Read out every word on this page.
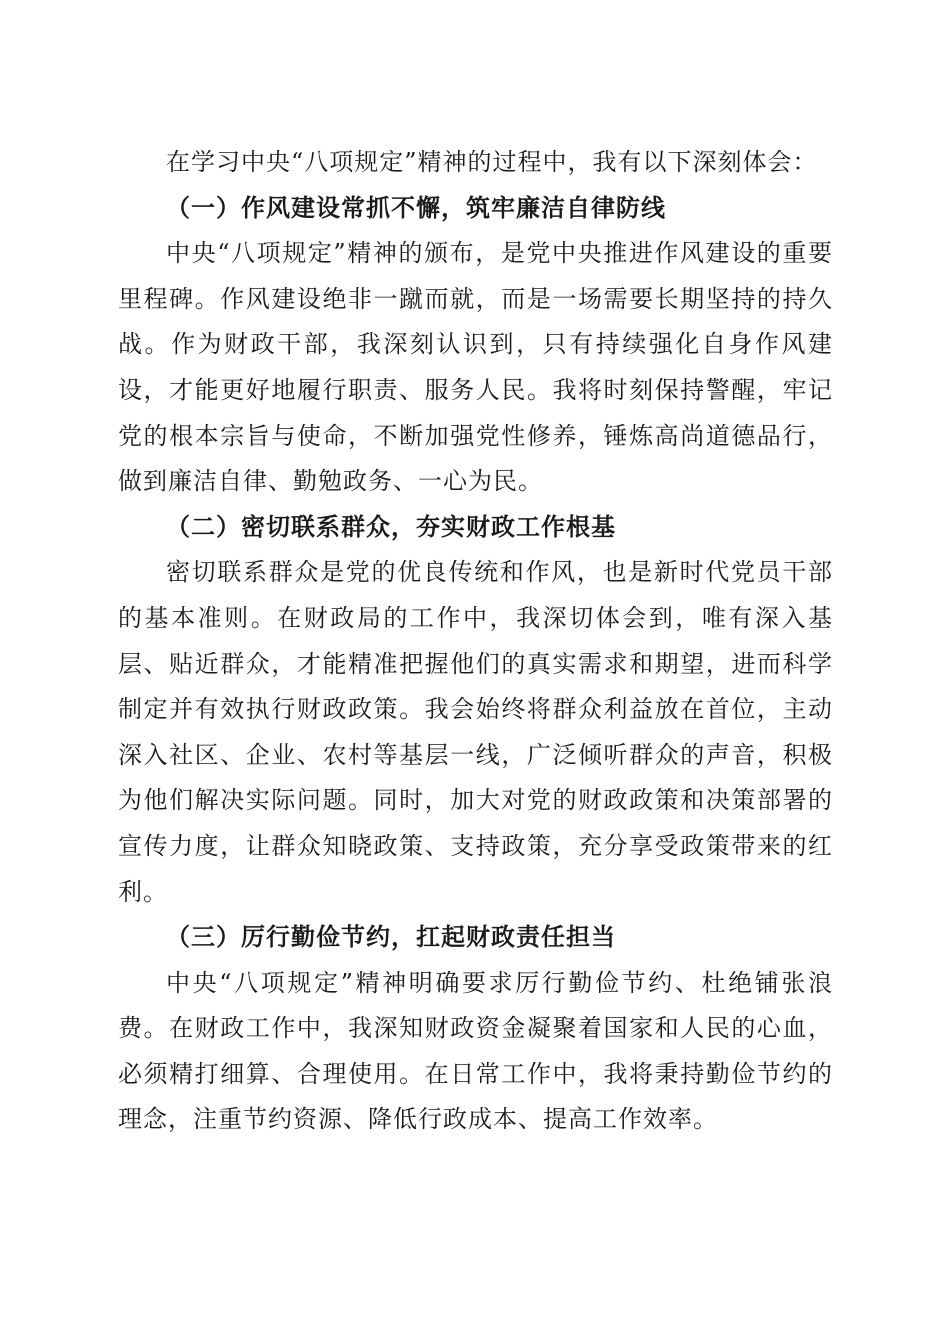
在学习中央“八项规定”精神的过程中，我有以下深刻体会：

（一）作风建设常抓不懈，筑牢廉洁自律防线

中央“八项规定”精神的颁布，是党中央推进作风建设的重要里程碑。作风建设绝非一蹴而就，而是一场需要长期坚持的持久战。作为财政干部，我深刻认识到，只有持续强化自身作风建设，才能更好地履行职责、服务人民。我将时刻保持警醒，牢记党的根本宗旨与使命，不断加强党性修养，锤炼高尚道德品行，做到廉洁自律、勤勉政务、一心为民。

（二）密切联系群众，夯实财政工作根基

密切联系群众是党的优良传统和作风，也是新时代党员干部的基本准则。在财政局的工作中，我深切体会到，唯有深入基层、贴近群众，才能精准把握他们的真实需求和期望，进而科学制定并有效执行财政政策。我会始终将群众利益放在首位，主动深入社区、企业、农村等基层一线，广泛倾听群众的声音，积极为他们解决实际问题。同时，加大对党的财政政策和决策部署的宣传力度，让群众知晓政策、支持政策，充分享受政策带来的红利。

（三）厉行勤俭节约，扛起财政责任担当

中央“八项规定”精神明确要求厉行勤俭节约、杜绝铺张浪费。在财政工作中，我深知财政资金凝聚着国家和人民的心血，必须精打细算、合理使用。在日常工作中，我将秉持勤俭节约的理念，注重节约资源、降低行政成本、提高工作效率。
